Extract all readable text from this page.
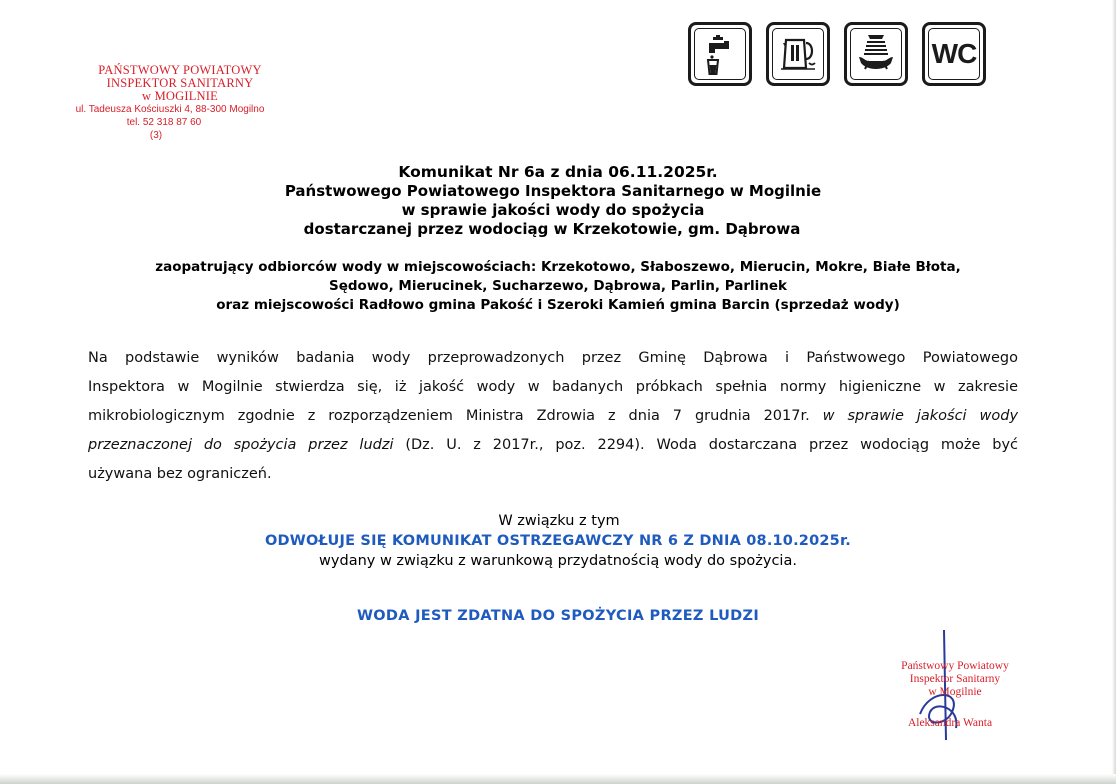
PAŃSTWOWY POWIATOWY
INSPEKTOR SANITARNY
w MOGILNIE
ul. Tadeusza Kościuszki 4, 88-300 Mogilno
tel. 52 318 87 60
(3)
WC
Komunikat Nr 6a z dnia 06.11.2025r.
Państwowego Powiatowego Inspektora Sanitarnego w Mogilnie
w sprawie jakości wody do spożycia
dostarczanej przez wodociąg w Krzekotowie, gm. Dąbrowa
zaopatrujący odbiorców wody w miejscowościach: Krzekotowo, Słaboszewo, Mierucin, Mokre, Białe Błota,
Sędowo, Mierucinek, Sucharzewo, Dąbrowa, Parlin, Parlinek
oraz miejscowości Radłowo gmina Pakość i Szeroki Kamień gmina Barcin (sprzedaż wody)
Na podstawie wyników badania wody przeprowadzonych przez Gminę Dąbrowa i Państwowego Powiatowego
Inspektora w Mogilnie stwierdza się, iż jakość wody w badanych próbkach spełnia normy higieniczne w zakresie
mikrobiologicznym zgodnie z rozporządzeniem Ministra Zdrowia z dnia 7 grudnia 2017r. w sprawie jakości wody
przeznaczonej do spożycia przez ludzi (Dz. U. z 2017r., poz. 2294). Woda dostarczana przez wodociąg może być
używana bez ograniczeń.
W związku z tym
ODWOŁUJE SIĘ KOMUNIKAT OSTRZEGAWCZY NR 6 Z DNIA 08.10.2025r.
wydany w związku z warunkową przydatnością wody do spożycia.
WODA JEST ZDATNA DO SPOŻYCIA PRZEZ LUDZI
Państwowy Powiatowy
Inspektor Sanitarny
w Mogilnie
Aleksandra Wanta
